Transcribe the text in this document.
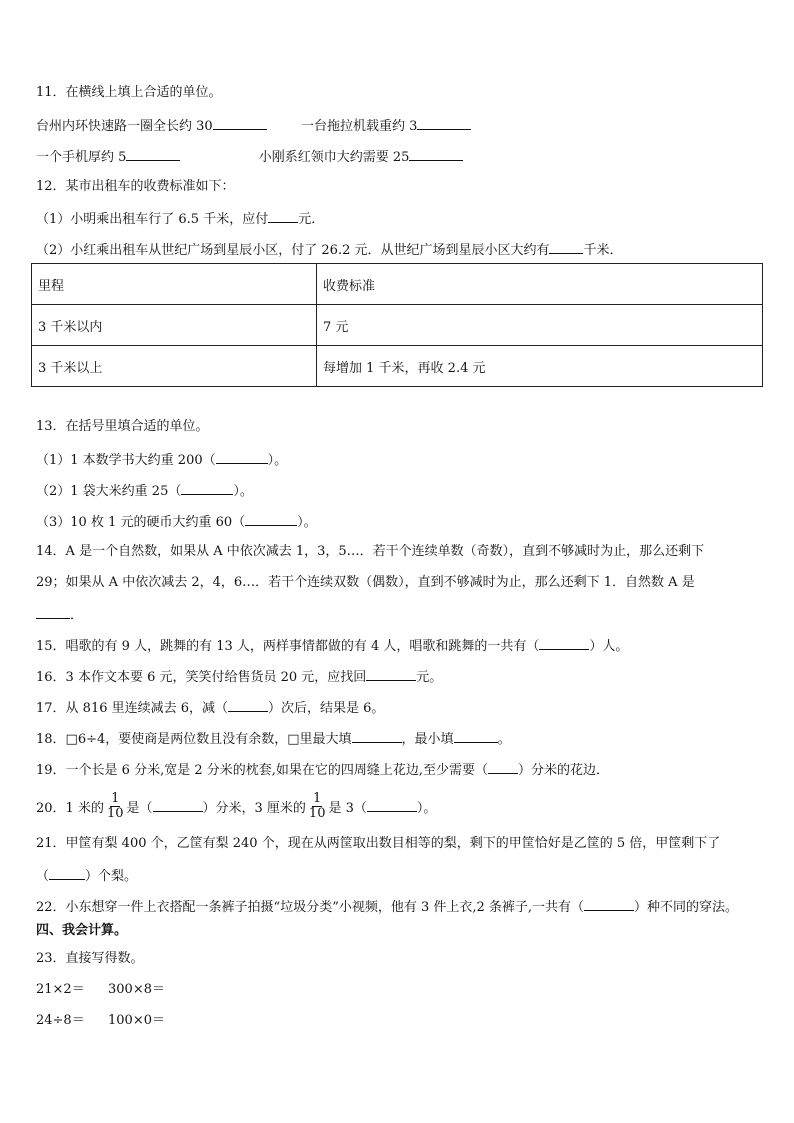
11．在横线上填上合适的单位。
台州内环快速路一圈全长约 30	一台拖拉机载重约 3
一个手机厚约 5	小刚系红领巾大约需要 25
12．某市出租车的收费标准如下：
（1）小明乘出租车行了 6.5 千米，应付 元．
（2）小红乘出租车从世纪广场到星辰小区，付了 26.2 元．从世纪广场到星辰小区大约有	千米．
里程	收费标准
3 千米以内	7 元
3 千米以上	每增加 1 千米，再收 2.4 元
13．在括号里填合适的单位。
（1）1 本数学书大约重 200（	）。
（2）1 袋大米约重 25（	）。
（3）10 枚 1 元的硬币大约重 60（	）。
14．A 是一个自然数，如果从 A 中依次减去 1，3，5…．若干个连续单数（奇数），直到不够减时为止，那么还剩下
29；如果从 A 中依次减去 2，4，6…．若干个连续双数（偶数），直到不够减时为止，那么还剩下 1．自然数 A 是
．
15．唱歌的有 9 人，跳舞的有 13 人，两样事情都做的有 4 人，唱歌和跳舞的一共有（	）人。
16．3 本作文本要 6 元，笑笑付给售货员 20 元，应找回	元。
17．从 816 里连续减去 6，减（	）次后，结果是 6。
18．□6÷4，要使商是两位数且没有余数，□里最大填	，最小填	。
19．一个长是 6 分米,宽是 2 分米的枕套,如果在它的四周缝上花边,至少需要（ ）分米的花边．
20．1 米的 $\frac{1}{10}$ 是（	）分米，3 厘米的 $\frac{1}{10}$ 是 3（	）。
21．甲筐有梨 400 个，乙筐有梨 240 个，现在从两筐取出数目相等的梨，剩下的甲筐恰好是乙筐的 5 倍，甲筐剩下了
（	）个梨。
22．小东想穿一件上衣搭配一条裤子拍摄“垃圾分类”小视频，他有 3 件上衣,2 条裤子,一共有（	）种不同的穿法。
四、我会计算。
23．直接写得数。
21×2＝ 300×8＝
24÷8＝ 100×0＝
